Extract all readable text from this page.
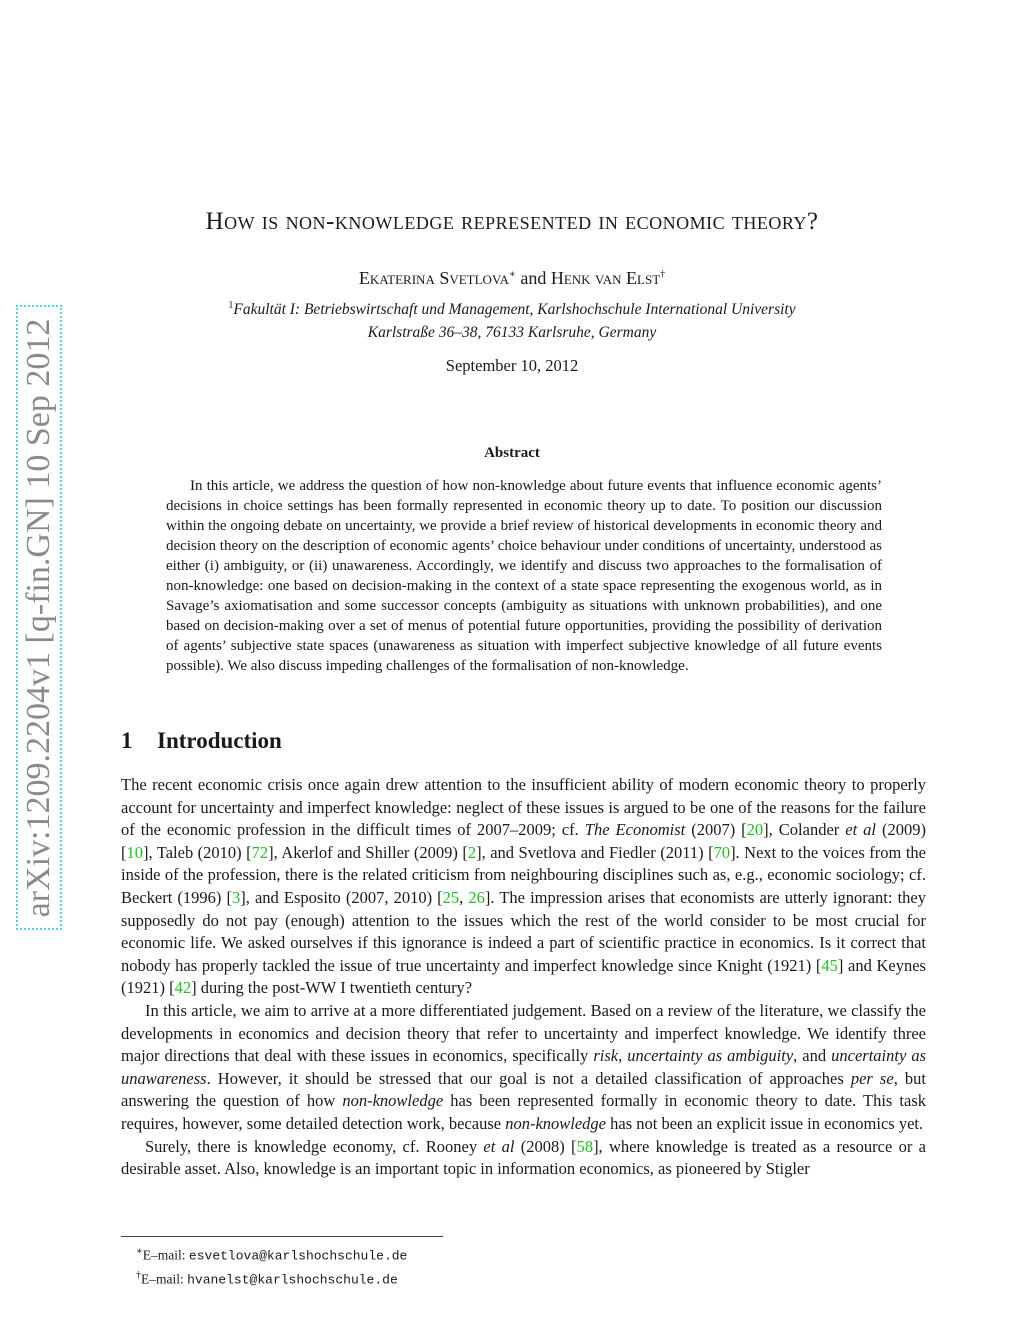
arXiv:1209.2204v1 [q-fin.GN] 10 Sep 2012
How is non-knowledge represented in economic theory?
Ekaterina Svetlova∗ and Henk van Elst†
$^1$Fakultät I: Betriebswirtschaft und Management, Karlshochschule International University
Karlstraße 36–38, 76133 Karlsruhe, Germany
September 10, 2012
Abstract

In this article, we address the question of how non-knowledge about future events that influence economic agents’ decisions in choice settings has been formally represented in economic theory up to date. To position our discussion within the ongoing debate on uncertainty, we provide a brief review of historical developments in economic theory and decision theory on the description of economic agents’ choice behaviour under conditions of uncertainty, understood as either (i) ambiguity, or (ii) unawareness. Accordingly, we identify and discuss two approaches to the formalisation of non-knowledge: one based on decision-making in the context of a state space representing the exogenous world, as in Savage’s axiomatisation and some successor concepts (ambiguity as situations with unknown probabilities), and one based on decision-making over a set of menus of potential future opportunities, providing the possibility of derivation of agents’ subjective state spaces (unawareness as situation with imperfect subjective knowledge of all future events possible). We also discuss impeding challenges of the formalisation of non-knowledge.

1 Introduction

The recent economic crisis once again drew attention to the insufficient ability of modern economic theory to properly account for uncertainty and imperfect knowledge: neglect of these issues is argued to be one of the reasons for the failure of the economic profession in the difficult times of 2007–2009; cf. The Economist (2007) [20], Colander et al (2009) [10], Taleb (2010) [72], Akerlof and Shiller (2009) [2], and Svetlova and Fiedler (2011) [70]. Next to the voices from the inside of the profession, there is the related criticism from neighbouring disciplines such as, e.g., economic sociology; cf. Beckert (1996) [3], and Esposito (2007, 2010) [25, 26]. The impression arises that economists are utterly ignorant: they supposedly do not pay (enough) attention to the issues which the rest of the world consider to be most crucial for economic life. We asked ourselves if this ignorance is indeed a part of scientific practice in economics. Is it correct that nobody has properly tackled the issue of true uncertainty and imperfect knowledge since Knight (1921) [45] and Keynes (1921) [42] during the post-WW I twentieth century?

In this article, we aim to arrive at a more differentiated judgement. Based on a review of the literature, we classify the developments in economics and decision theory that refer to uncertainty and imperfect knowledge. We identify three major directions that deal with these issues in economics, specifically risk, uncertainty as ambiguity, and uncertainty as unawareness. However, it should be stressed that our goal is not a detailed classification of approaches per se, but answering the question of how non-knowledge has been represented formally in economic theory to date. This task requires, however, some detailed detection work, because non-knowledge has not been an explicit issue in economics yet.

Surely, there is knowledge economy, cf. Rooney et al (2008) [58], where knowledge is treated as a resource or a desirable asset. Also, knowledge is an important topic in information economics, as pioneered by Stigler

∗E–mail: esvetlova@karlshochschule.de
†E–mail: hvanelst@karlshochschule.de
